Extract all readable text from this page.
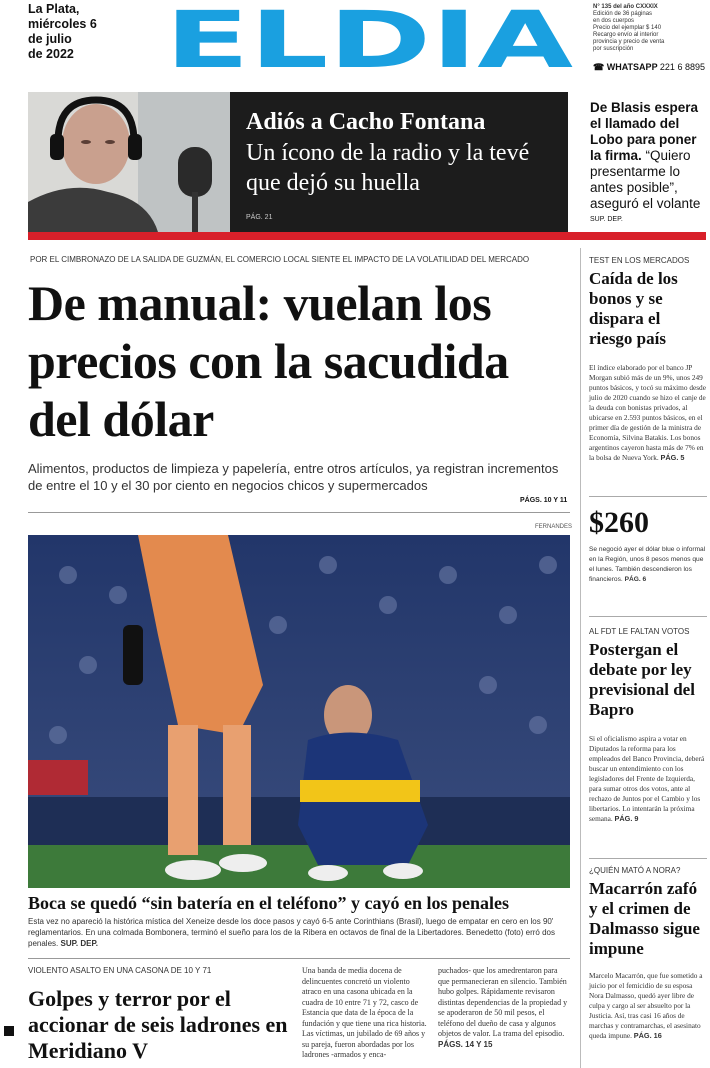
La Plata,
miércoles 6
de julio
de 2022	ELDIA	N° 135 del año CXXXIX
Edición de 36 páginas
en dos cuerpos
Precio del ejemplar $ 140
Recargo envío al interior
provincia y precio de venta
por suscripción
☎ WHATSAPP 221 6 8895
Adiós a Cacho Fontana
Un ícono de la radio y la tevé que dejó su huella
PÁG. 21
De Blasis espera el llamado del Lobo para poner la firma. “Quiero presentarme lo antes posible”, aseguró el volante
SUP. DEP.
POR EL CIMBRONAZO DE LA SALIDA DE GUZMÁN, EL COMERCIO LOCAL SIENTE EL IMPACTO DE LA VOLATILIDAD DEL MERCADO
De manual: vuelan los precios con la sacudida del dólar
Alimentos, productos de limpieza y papelería, entre otros artículos, ya registran incrementos de entre el 10 y el 30 por ciento en negocios chicos y supermercados
PÁGS. 10 Y 11
FERNANDES
Boca se quedó “sin batería en el teléfono” y cayó en los penales
Esta vez no apareció la histórica mística del Xeneize desde los doce pasos y cayó 6-5 ante Corinthians (Brasil), luego de empatar en cero en los 90' reglamentarios. En una colmada Bombonera, terminó el sueño para los de la Ribera en octavos de final de la Libertadores. Benedetto (foto) erró dos penales. SUP. DEP.
VIOLENTO ASALTO EN UNA CASONA DE 10 Y 71
Golpes y terror por el accionar de seis ladrones en Meridiano V
Una banda de media docena de delincuentes concretó un violento atraco en una casona ubicada en la cuadra de 10 entre 71 y 72, casco de Estancia que data de la época de la fundación y que tiene una rica historia. Las víctimas, un jubilado de 69 años y su pareja, fueron abordadas por los ladrones -armados y enca-
puchados- que los amedrentaron para que permanecieran en silencio. También hubo golpes. Rápidamente revisaron distintas dependencias de la propiedad y se apoderaron de 50 mil pesos, el teléfono del dueño de casa y algunos objetos de valor. La trama del episodio. PÁGS. 14 Y 15
TEST EN LOS MERCADOS
Caída de los bonos y se dispara el riesgo país
El índice elaborado por el banco JP Morgan subió más de un 9%, unos 249 puntos básicos, y tocó su máximo desde julio de 2020 cuando se hizo el canje de la deuda con bonistas privados, al ubicarse en 2.593 puntos básicos, en el primer día de gestión de la ministra de Economía, Silvina Batakis. Los bonos argentinos cayeron hasta más de 7% en la bolsa de Nueva York. PÁG. 5
$260
Se negoció ayer el dólar blue o informal en la Región, unos 8 pesos menos que el lunes. También descendieron los financieros. PÁG. 6
AL FDT LE FALTAN VOTOS
Postergan el debate por ley previsional del Bapro
Si el oficialismo aspira a votar en Diputados la reforma para los empleados del Banco Provincia, deberá buscar un entendimiento con los legisladores del Frente de Izquierda, para sumar otros dos votos, ante al rechazo de Juntos por el Cambio y los libertarios. Lo intentarán la próxima semana. PÁG. 9
¿QUIÉN MATÓ A NORA?
Macarrón zafó y el crimen de Dalmasso sigue impune
Marcelo Macarrón, que fue sometido a juicio por el femicidio de su esposa Nora Dalmasso, quedó ayer libre de culpa y cargo al ser absuelto por la Justicia. Así, tras casi 16 años de marchas y contramarchas, el asesinato queda impune. PÁG. 16
